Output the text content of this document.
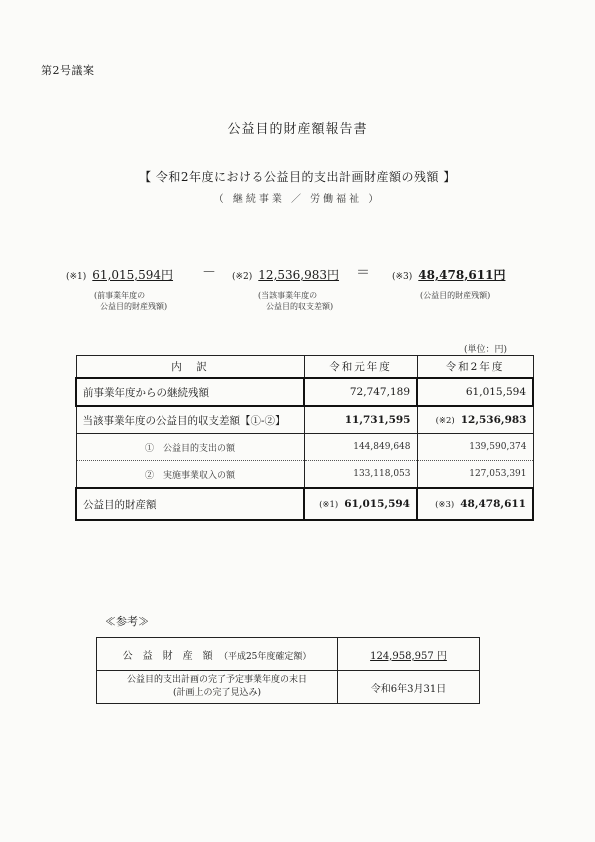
第2号議案
公益目的財産額報告書
【 令和2年度における公益目的支出計画財産額の残額 】
（ 継続事業 ／ 労働福祉 ）
(※1) 61,015,594円 － (※2) 12,536,983円 ＝ (※3) 48,478,611円
(前事業年度の
公益目的財産残額)
(当該事業年度の
公益目的収支差額)
(公益目的財産残額)
(単位：円)
内　訳	令和元年度	令和2年度
前事業年度からの継続残額	72,747,189	61,015,594
当該事業年度の公益目的収支差額【①-②】	11,731,595	(※2) 12,536,983
①　公益目的支出の額	144,849,648	139,590,374
②　実施事業収入の額	133,118,053	127,053,391
公益目的財産額	(※1) 61,015,594	(※3) 48,478,611
≪参考≫
公　益　財　産　額 （平成25年度確定額）	124,958,957 円

公益目的支出計画の完了予定事業年度の末日
(計画上の完了見込み)	令和6年3月31日
